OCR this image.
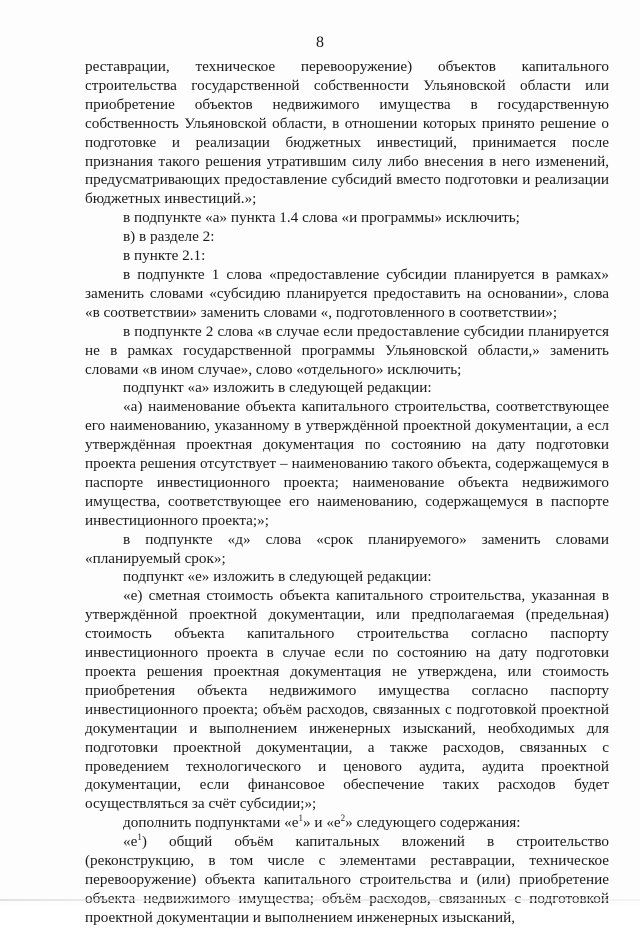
8

реставрации, техническое перевооружение) объектов капитального строительства государственной собственности Ульяновской области или приобретение объектов недвижимого имущества в государственную собственность Ульяновской области, в отношении которых принято решение о подготовке и реализации бюджетных инвестиций, принимается после признания такого решения утратившим силу либо внесения в него изменений, предусматривающих предоставление субсидий вместо подготовки и реализации бюджетных инвестиций.»;

в подпункте «а» пункта 1.4 слова «и программы» исключить;

в) в разделе 2:

в пункте 2.1:

в подпункте 1 слова «предоставление субсидии планируется в рамках» заменить словами «субсидию планируется предоставить на основании», слова «в соответствии» заменить словами «, подготовленного в соответствии»;

в подпункте 2 слова «в случае если предоставление субсидии планируется не в рамках государственной программы Ульяновской области,» заменить словами «в ином случае», слово «отдельного» исключить;

подпункт «а» изложить в следующей редакции:

«а) наименование объекта капитального строительства, соответствующее его наименованию, указанному в утверждённой проектной документации, а есл утверждённая проектная документация по состоянию на дату подготовки проекта решения отсутствует – наименованию такого объекта, содержащемуся в паспорте инвестиционного проекта; наименование объекта недвижимого имущества, соответствующее его наименованию, содержащемуся в паспорте инвестиционного проекта;»;

в подпункте «д» слова «срок планируемого» заменить словами «планируемый срок»;

подпункт «е» изложить в следующей редакции:

«е) сметная стоимость объекта капитального строительства, указанная в утверждённой проектной документации, или предполагаемая (предельная) стоимость объекта капитального строительства согласно паспорту инвестиционного проекта в случае если по состоянию на дату подготовки проекта решения проектная документация не утверждена, или стоимость приобретения объекта недвижимого имущества согласно паспорту инвестиционного проекта; объём расходов, связанных с подготовкой проектной документации и выполнением инженерных изысканий, необходимых для подготовки проектной документации, а также расходов, связанных с проведением технологического и ценового аудита, аудита проектной документации, если финансовое обеспечение таких расходов будет осуществляться за счёт субсидии;»;

дополнить подпунктами «$е^1$» и «$е^2$» следующего содержания:

«$е^1$) общий объём капитальных вложений в строительство (реконструкцию, в том числе с элементами реставрации, техническое перевооружение) объекта капитального строительства и (или) приобретение проектной документации и выполнением инженерных изысканий,
